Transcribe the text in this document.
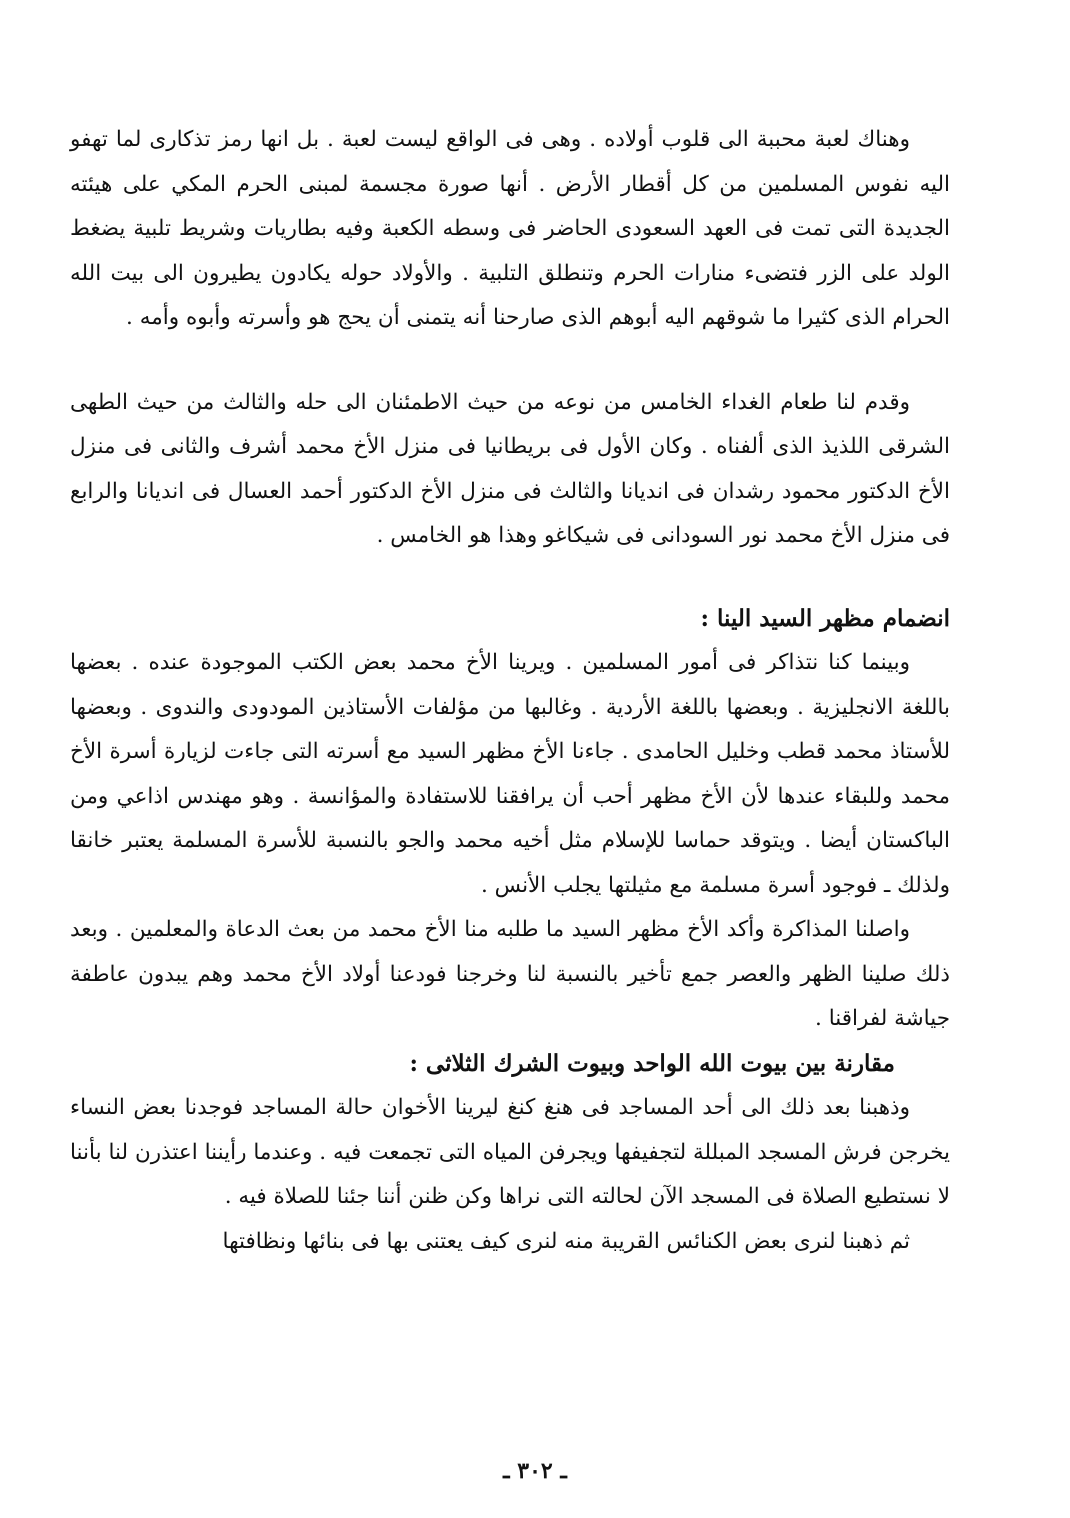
وهناك لعبة محببة الى قلوب أولاده . وهى فى الواقع ليست لعبة . بل انها رمز تذكارى لما تهفو اليه نفوس المسلمين من كل أقطار الأرض . أنها صورة مجسمة لمبنى الحرم المكي على هيئته الجديدة التى تمت فى العهد السعودى الحاضر فى وسطه الكعبة وفيه بطاريات وشريط تلبية يضغط الولد على الزر فتضىء منارات الحرم وتنطلق التلبية . والأولاد حوله يكادون يطيرون الى بيت الله الحرام الذى كثيرا ما شوقهم اليه أبوهم الذى صارحنا أنه يتمنى أن يحج هو وأسرته وأبوه وأمه .

وقدم لنا طعام الغداء الخامس من نوعه من حيث الاطمئنان الى حله والثالث من حيث الطهى الشرقى اللذيذ الذى ألفناه . وكان الأول فى بريطانيا فى منزل الأخ محمد أشرف والثانى فى منزل الأخ الدكتور محمود رشدان فى انديانا والثالث فى منزل الأخ الدكتور أحمد العسال فى انديانا والرابع فى منزل الأخ محمد نور السودانى فى شيكاغو وهذا هو الخامس .

انضمام مظهر السيد الينا :

وبينما كنا نتذاكر فى أمور المسلمين . ويرينا الأخ محمد بعض الكتب الموجودة عنده . بعضها باللغة الانجليزية . وبعضها باللغة الأردية . وغالبها من مؤلفات الأستاذين المودودى والندوى . وبعضها للأستاذ محمد قطب وخليل الحامدى . جاءنا الأخ مظهر السيد مع أسرته التى جاءت لزيارة أسرة الأخ محمد وللبقاء عندها لأن الأخ مظهر أحب أن يرافقنا للاستفادة والمؤانسة . وهو مهندس اذاعي ومن الباكستان أيضا . ويتوقد حماسا للإسلام مثل أخيه محمد والجو بالنسبة للأسرة المسلمة يعتبر خانقا ولذلك ـ فوجود أسرة مسلمة مع مثيلتها يجلب الأنس .

واصلنا المذاكرة وأكد الأخ مظهر السيد ما طلبه منا الأخ محمد من بعث الدعاة والمعلمين . وبعد ذلك صلينا الظهر والعصر جمع تأخير بالنسبة لنا وخرجنا فودعنا أولاد الأخ محمد وهم يبدون عاطفة جياشة لفراقنا .

مقارنة بين بيوت الله الواحد وبيوت الشرك الثلاثى :

وذهبنا بعد ذلك الى أحد المساجد فى هنغ كنغ ليرينا الأخوان حالة المساجد فوجدنا بعض النساء يخرجن فرش المسجد المبللة لتجفيفها ويجرفن المياه التى تجمعت فيه . وعندما رأيننا اعتذرن لنا بأننا لا نستطيع الصلاة فى المسجد الآن لحالته التى نراها وكن ظنن أننا جئنا للصلاة فيه .

ثم ذهبنا لنرى بعض الكنائس القريبة منه لنرى كيف يعتنى بها فى بنائها ونظافتها

ـ ٣٠٢ ـ
